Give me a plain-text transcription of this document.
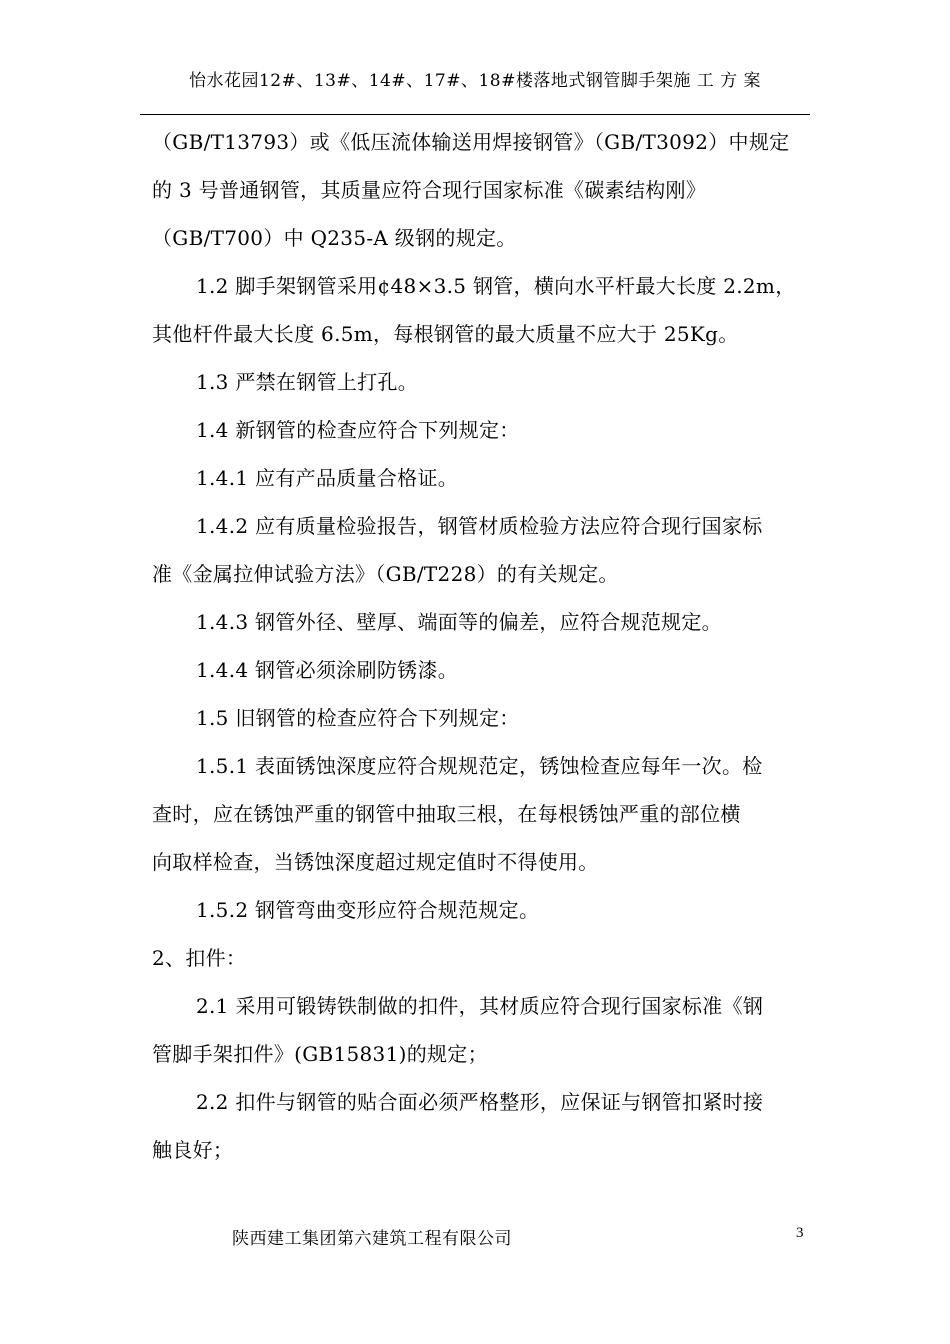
怡水花园12#、13#、14#、17#、18#楼落地式钢管脚手架施 工 方 案
（GB/T13793）或《低压流体输送用焊接钢管》（GB/T3092）中规定
的 3 号普通钢管，其质量应符合现行国家标准《碳素结构刚》
（GB/T700）中 Q235-A 级钢的规定。
1.2 脚手架钢管采用¢48×3.5 钢管，横向水平杆最大长度 2.2m，
其他杆件最大长度 6.5m，每根钢管的最大质量不应大于 25Kg。
1.3 严禁在钢管上打孔。
1.4 新钢管的检查应符合下列规定：
1.4.1 应有产品质量合格证。
1.4.2 应有质量检验报告，钢管材质检验方法应符合现行国家标
准《金属拉伸试验方法》（GB/T228）的有关规定。
1.4.3 钢管外径、壁厚、端面等的偏差，应符合规范规定。
1.4.4 钢管必须涂刷防锈漆。
1.5 旧钢管的检查应符合下列规定：
1.5.1 表面锈蚀深度应符合规规范定，锈蚀检查应每年一次。检
查时，应在锈蚀严重的钢管中抽取三根，在每根锈蚀严重的部位横
向取样检查，当锈蚀深度超过规定值时不得使用。
1.5.2 钢管弯曲变形应符合规范规定。
2、扣件：
2.1 采用可锻铸铁制做的扣件，其材质应符合现行国家标准《钢
管脚手架扣件》(GB15831)的规定；
2.2 扣件与钢管的贴合面必须严格整形，应保证与钢管扣紧时接
触良好；
陕西建工集团第六建筑工程有限公司	3
